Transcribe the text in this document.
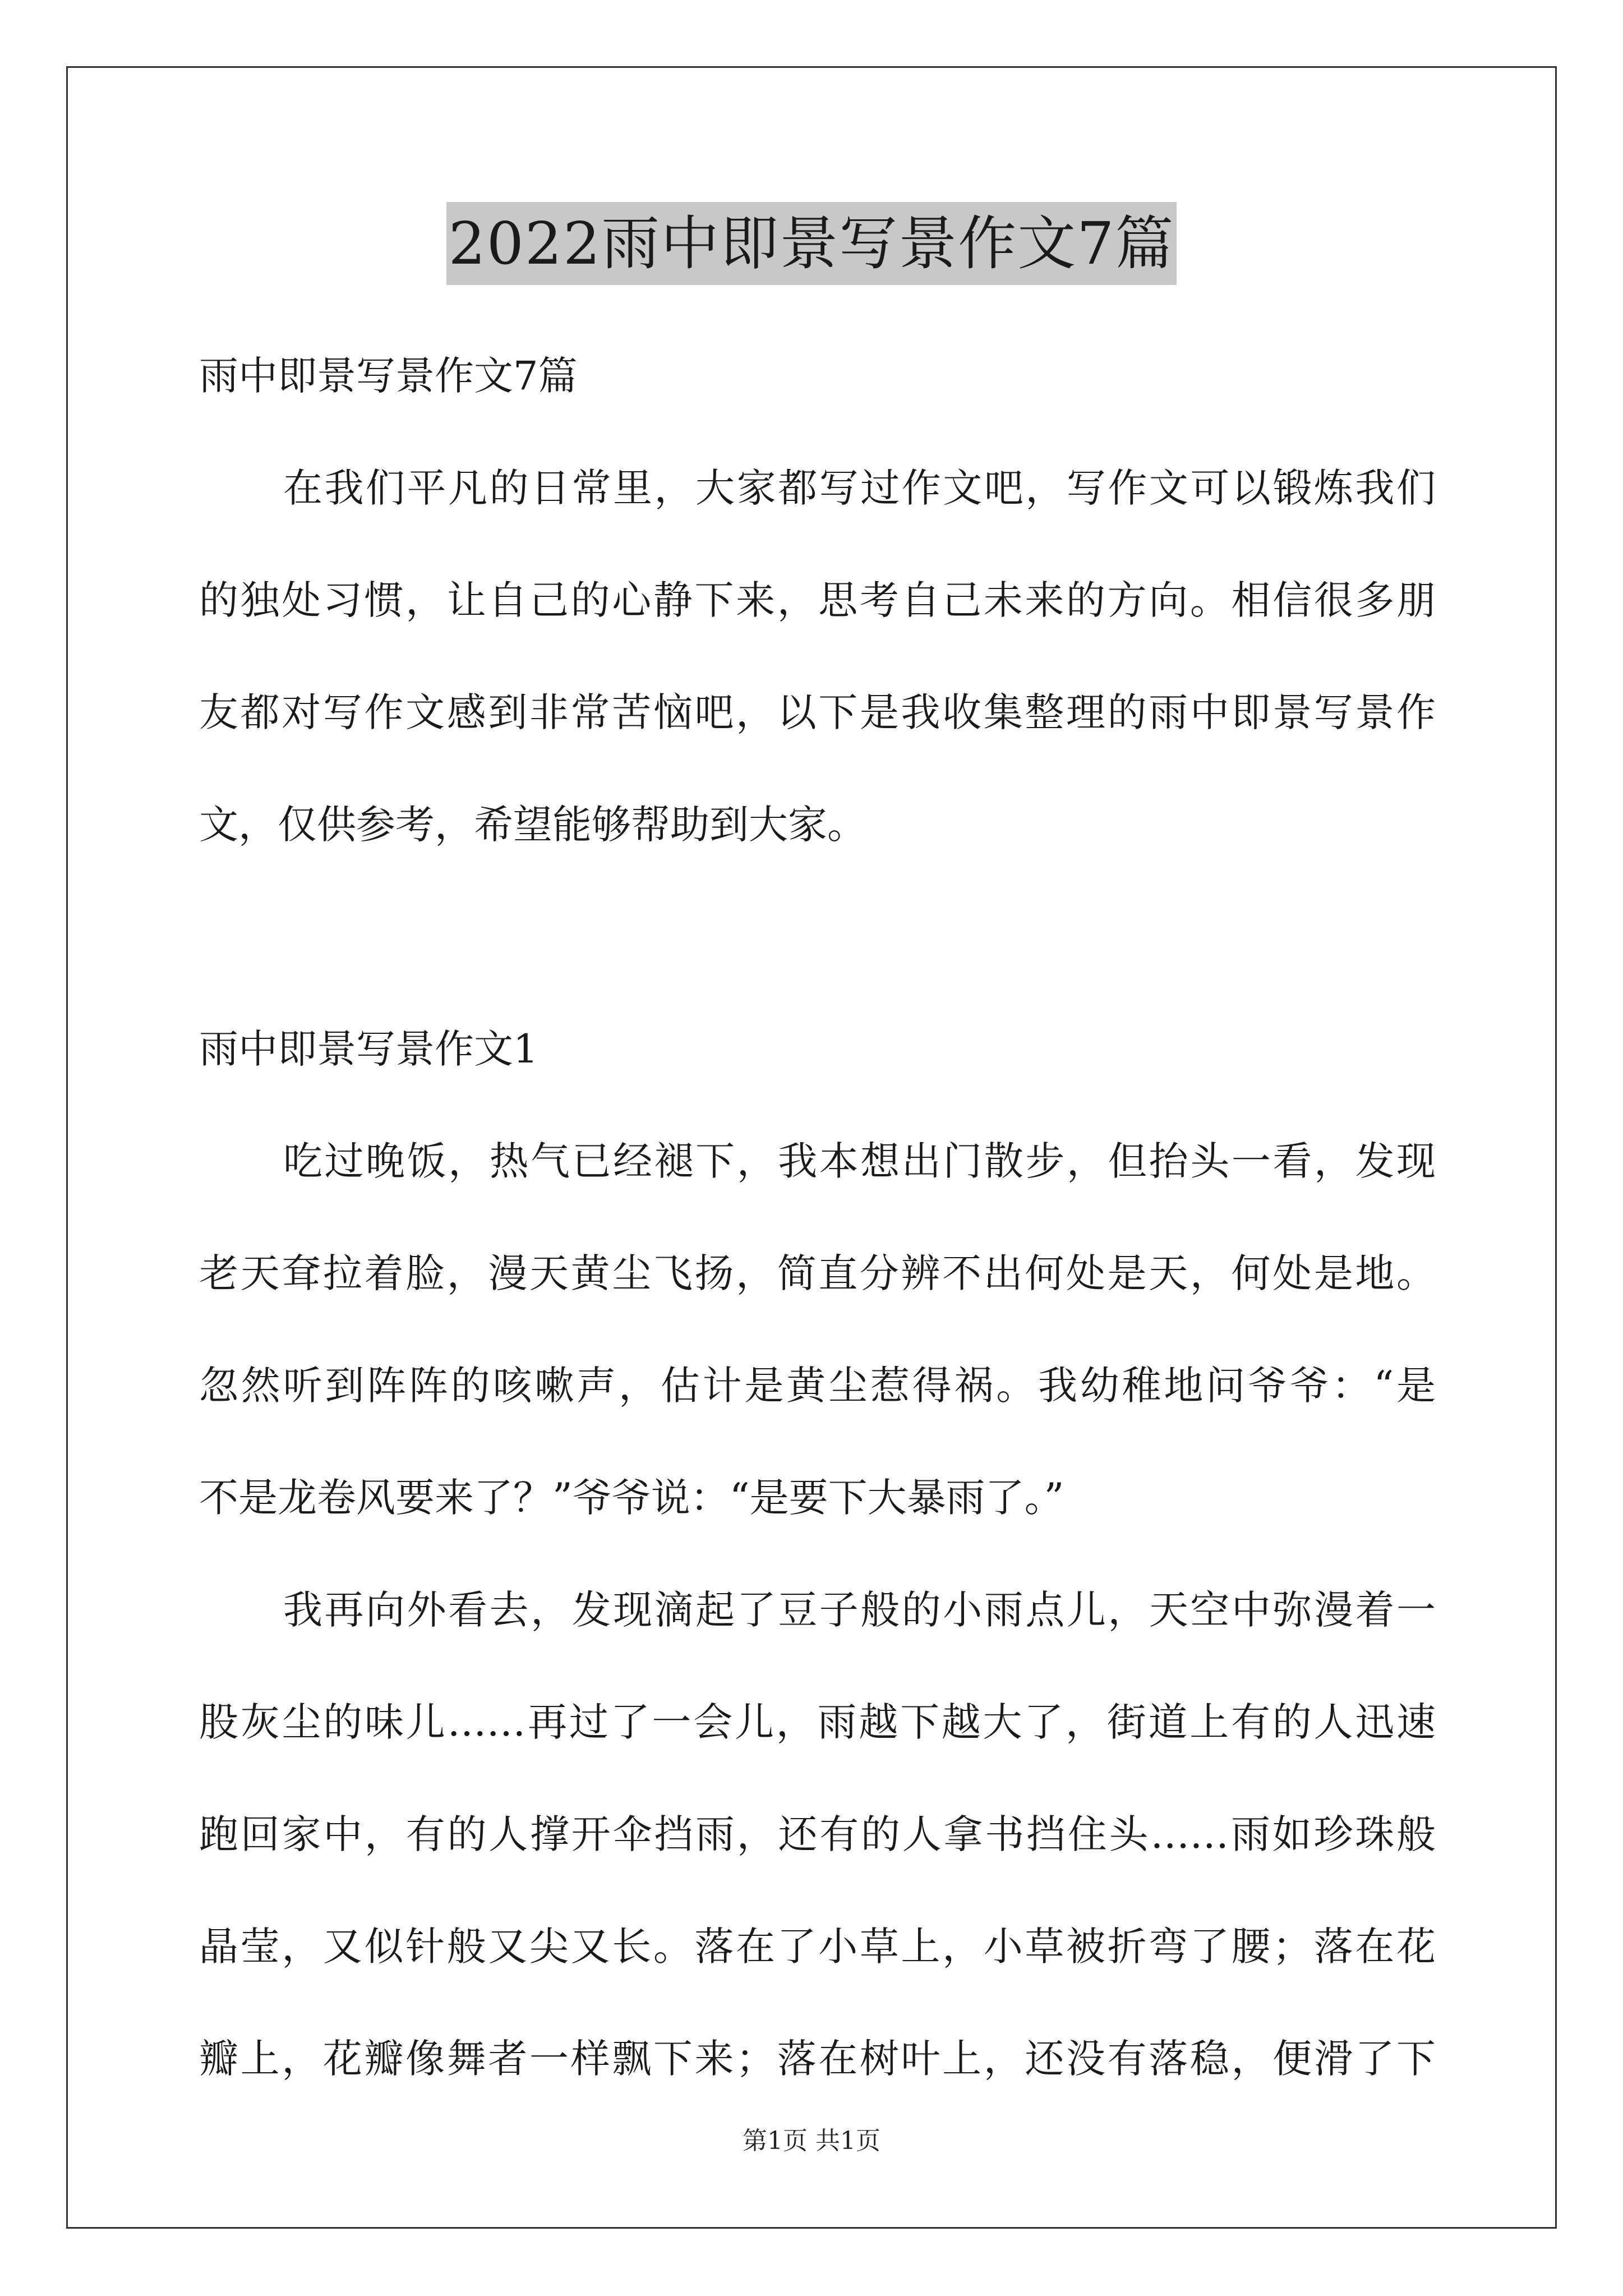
2022雨中即景写景作文7篇
雨中即景写景作文7篇
在我们平凡的日常里，大家都写过作文吧，写作文可以锻炼我们
的独处习惯，让自己的心静下来，思考自己未来的方向。相信很多朋
友都对写作文感到非常苦恼吧，以下是我收集整理的雨中即景写景作
文，仅供参考，希望能够帮助到大家。
雨中即景写景作文1
吃过晚饭，热气已经褪下，我本想出门散步，但抬头一看，发现
老天耷拉着脸，漫天黄尘飞扬，简直分辨不出何处是天，何处是地。
忽然听到阵阵的咳嗽声，估计是黄尘惹得祸。我幼稚地问爷爷：“是
不是龙卷风要来了？”爷爷说：“是要下大暴雨了。”
我再向外看去，发现滴起了豆子般的小雨点儿，天空中弥漫着一
股灰尘的味儿……再过了一会儿，雨越下越大了，街道上有的人迅速
跑回家中，有的人撑开伞挡雨，还有的人拿书挡住头……雨如珍珠般
晶莹，又似针般又尖又长。落在了小草上，小草被折弯了腰；落在花
瓣上，花瓣像舞者一样飘下来；落在树叶上，还没有落稳，便滑了下
第1页 共1页
